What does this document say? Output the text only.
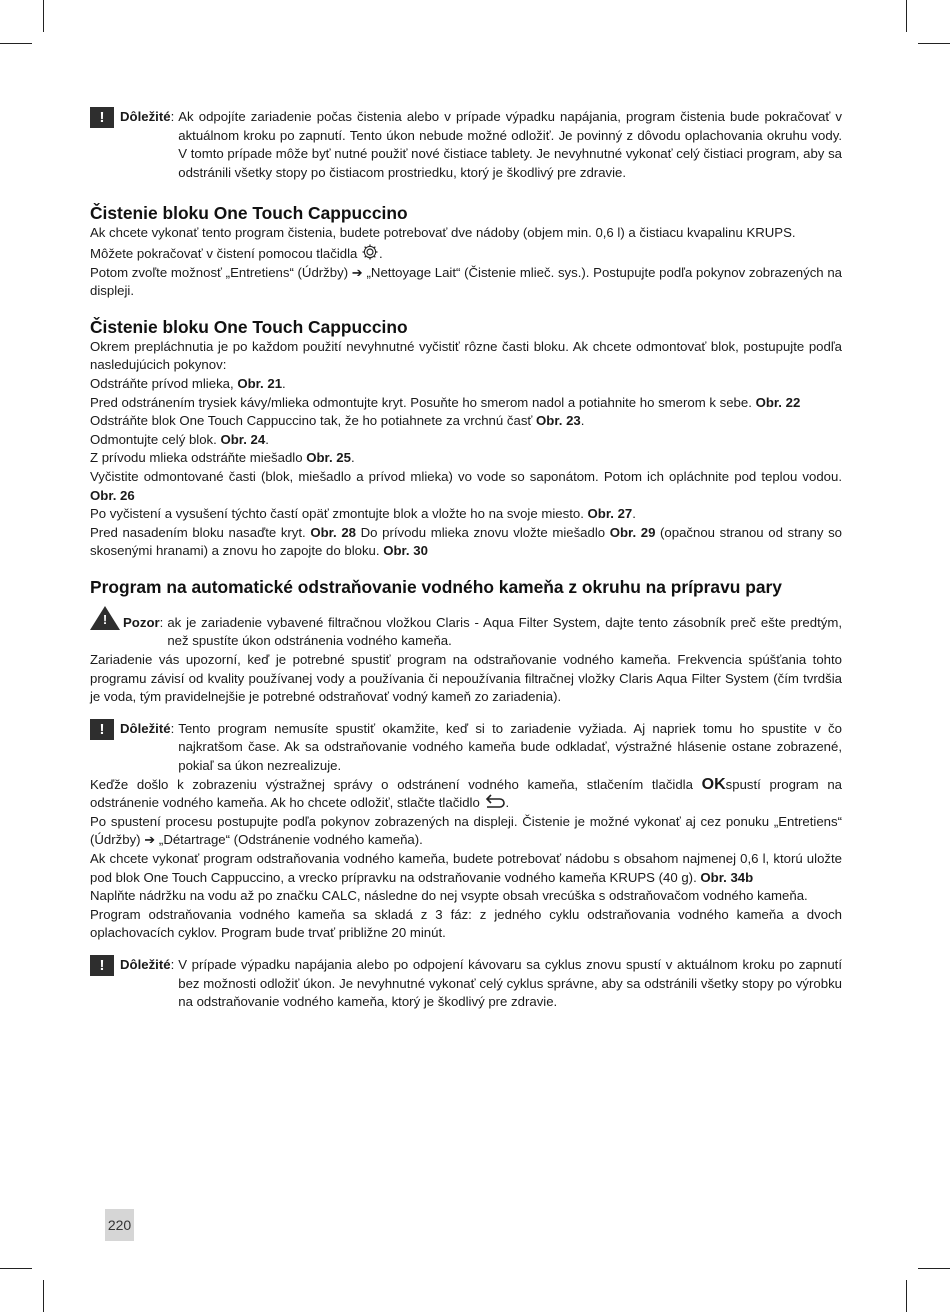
!	Dôležité : Ak odpojíte zariadenie počas čistenia alebo v prípade výpadku napájania, program čistenia bude pokračovať v aktuálnom kroku po zapnutí. Tento úkon nebude možné odložiť. Je povinný z dôvodu oplachovania okruhu vody. V tomto prípade môže byť nutné použiť nové čistiace tablety. Je nevyhnutné vykonať celý čistiaci program, aby sa odstránili všetky stopy po čistiacom prostriedku, ktorý je škodlivý pre zdravie.
Čistenie bloku One Touch Cappuccino

Ak chcete vykonať tento program čistenia, budete potrebovať dve nádoby (objem min. 0,6 l) a čistiacu kvapalinu KRUPS.

Môžete pokračovať v čistení pomocou tlačidla .

Potom zvoľte možnosť „Entretiens“ (Údržby) ➔ „Nettoyage Lait“ (Čistenie mlieč. sys.). Postupujte podľa pokynov zobrazených na displeji.

Čistenie bloku One Touch Cappuccino

Okrem prepláchnutia je po každom použití nevyhnutné vyčistiť rôzne časti bloku. Ak chcete odmontovať blok, postupujte podľa nasledujúcich pokynov:

Odstráňte prívod mlieka, Obr. 21.

Pred odstránením trysiek kávy/mlieka odmontujte kryt. Posuňte ho smerom nadol a potiahnite ho smerom k sebe. Obr. 22

Odstráňte blok One Touch Cappuccino tak, že ho potiahnete za vrchnú časť Obr. 23.

Odmontujte celý blok. Obr. 24.

Z prívodu mlieka odstráňte miešadlo Obr. 25.

Vyčistite odmontované časti (blok, miešadlo a prívod mlieka) vo vode so saponátom. Potom ich opláchnite pod teplou vodou. Obr. 26

Po vyčistení a vysušení týchto častí opäť zmontujte blok a vložte ho na svoje miesto. Obr. 27.

Pred nasadením bloku nasaďte kryt. Obr. 28 Do prívodu mlieka znovu vložte miešadlo Obr. 29 (opačnou stranou od strany so skosenými hranami) a znovu ho zapojte do bloku. Obr. 30

Program na automatické odstraňovanie vodného kameňa z okruhu na prípravu pary
! Pozor : ak je zariadenie vybavené filtračnou vložkou Claris - Aqua Filter System, dajte tento zásobník preč ešte predtým, než spustíte úkon odstránenia vodného kameňa.

Zariadenie vás upozorní, keď je potrebné spustiť program na odstraňovanie vodného kameňa. Frekvencia spúšťania tohto programu závisí od kvality používanej vody a používania či nepoužívania filtračnej vložky Claris Aqua Filter System (čím tvrdšia je voda, tým pravidelnejšie je potrebné odstraňovať vodný kameň zo zariadenia).

!	Dôležité : Tento program nemusíte spustiť okamžite, keď si to zariadenie vyžiada. Aj napriek tomu ho spustite v čo najkratšom čase. Ak sa odstraňovanie vodného kameňa bude odkladať, výstražné hlásenie ostane zobrazené, pokiaľ sa úkon nezrealizuje.

Keďže došlo k zobrazeniu výstražnej správy o odstránení vodného kameňa, stlačením tlačidla OKspustí program na odstránenie vodného kameňa. Ak ho chcete odložiť, stlačte tlačidlo .

Po spustení procesu postupujte podľa pokynov zobrazených na displeji. Čistenie je možné vykonať aj cez ponuku „Entretiens“ (Údržby) ➔ „Détartrage“ (Odstránenie vodného kameňa).

Ak chcete vykonať program odstraňovania vodného kameňa, budete potrebovať nádobu s obsahom najmenej 0,6 l, ktorú uložte pod blok One Touch Cappuccino, a vrecko prípravku na odstraňovanie vodného kameňa KRUPS (40 g). Obr. 34b

Naplňte nádržku na vodu až po značku CALC, následne do nej vsypte obsah vrecúška s odstraňovačom vodného kameňa.

Program odstraňovania vodného kameňa sa skladá z 3 fáz: z jedného cyklu odstraňovania vodného kameňa a dvoch oplachovacích cyklov. Program bude trvať približne 20 minút.

!	Dôležité : V prípade výpadku napájania alebo po odpojení kávovaru sa cyklus znovu spustí v aktuálnom kroku po zapnutí bez možnosti odložiť úkon. Je nevyhnutné vykonať celý cyklus správne, aby sa odstránili všetky stopy po výrobku na odstraňovanie vodného kameňa, ktorý je škodlivý pre zdravie.
220
